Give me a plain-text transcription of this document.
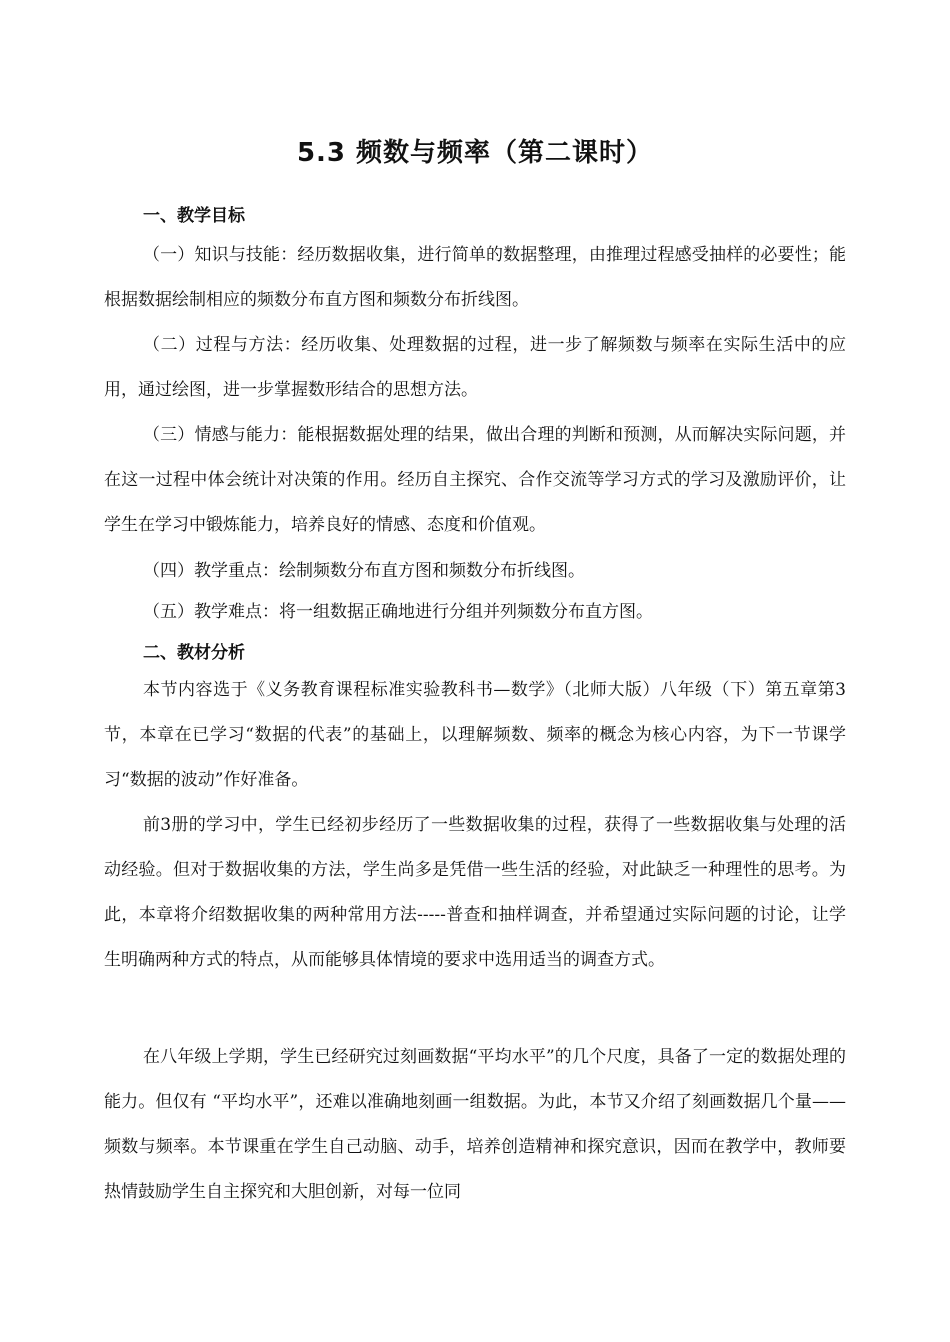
5.3 频数与频率（第二课时）
一、教学目标

（一）知识与技能：经历数据收集，进行简单的数据整理，由推理过程感受抽样的必要性；能根据数据绘制相应的频数分布直方图和频数分布折线图。

（二）过程与方法：经历收集、处理数据的过程，进一步了解频数与频率在实际生活中的应用，通过绘图，进一步掌握数形结合的思想方法。

（三）情感与能力：能根据数据处理的结果，做出合理的判断和预测，从而解决实际问题，并在这一过程中体会统计对决策的作用。经历自主探究、合作交流等学习方式的学习及激励评价，让学生在学习中锻炼能力，培养良好的情感、态度和价值观。

（四）教学重点：绘制频数分布直方图和频数分布折线图。
（五）教学难点：将一组数据正确地进行分组并列频数分布直方图。
二、教材分析

本节内容选于《义务教育课程标准实验教科书—数学》（北师大版）八年级（下）第五章第3节，本章在已学习“数据的代表”的基础上，以理解频数、频率的概念为核心内容，为下一节课学习“数据的波动”作好准备。

前3册的学习中，学生已经初步经历了一些数据收集的过程，获得了一些数据收集与处理的活动经验。但对于数据收集的方法，学生尚多是凭借一些生活的经验，对此缺乏一种理性的思考。为此，本章将介绍数据收集的两种常用方法-----普查和抽样调查，并希望通过实际问题的讨论，让学生明确两种方式的特点，从而能够具体情境的要求中选用适当的调查方式。

在八年级上学期，学生已经研究过刻画数据“平均水平”的几个尺度，具备了一定的数据处理的能力。但仅有 “平均水平”，还难以准确地刻画一组数据。为此，本节又介绍了刻画数据几个量——频数与频率。本节课重在学生自己动脑、动手，培养创造精神和探究意识，因而在教学中，教师要热情鼓励学生自主探究和大胆创新，对每一位同
